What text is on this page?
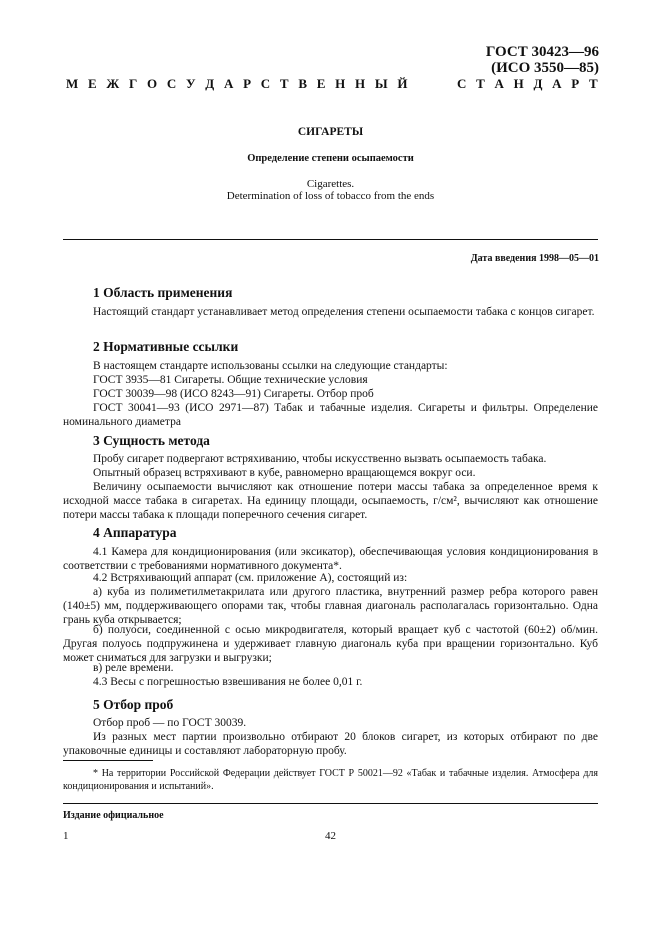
ГОСТ 30423—96
(ИСО 3550—85)
М Е Ж Г О С У Д А Р С Т В Е Н Н Ы Й	С Т А Н Д А Р Т
СИГАРЕТЫ
Определение степени осыпаемости
Cigarettes.
Determination of loss of tobacco from the ends
Дата введения 1998—05—01
1 Область применения

Настоящий стандарт устанавливает метод определения степени осыпаемости табака с концов сигарет.

2 Нормативные ссылки

В настоящем стандарте использованы ссылки на следующие стандарты:

ГОСТ 3935—81 Сигареты. Общие технические условия

ГОСТ 30039—98 (ИСО 8243—91) Сигареты. Отбор проб

ГОСТ 30041—93 (ИСО 2971—87) Табак и табачные изделия. Сигареты и фильтры. Определение номинального диаметра

3 Сущность метода

Пробу сигарет подвергают встряхиванию, чтобы искусственно вызвать осыпаемость табака.

Опытный образец встряхивают в кубе, равномерно вращающемся вокруг оси.

Величину осыпаемости вычисляют как отношение потери массы табака за определенное время к исходной массе табака в сигаретах. На единицу площади, осыпаемость, г/см², вычисляют как отношение потери массы табака к площади поперечного сечения сигарет.

4 Аппаратура

4.1 Камера для кондиционирования (или эксикатор), обеспечивающая условия кондиционирования в соответствии с требованиями нормативного документа*.

4.2 Встряхивающий аппарат (см. приложение А), состоящий из:

а) куба из полиметилметакрилата или другого пластика, внутренний размер ребра которого равен (140±5) мм, поддерживающего опорами так, чтобы главная диагональ располагалась горизонтально. Одна грань куба открывается;

б) полуоси, соединенной с осью микродвигателя, который вращает куб с частотой (60±2) об/мин. Другая полуось подпружинена и удерживает главную диагональ куба при вращении горизонтально. Куб может сниматься для загрузки и выгрузки;

в) реле времени.

4.3 Весы с погрешностью взвешивания не более 0,01 г.

5 Отбор проб

Отбор проб — по ГОСТ 30039.

Из разных мест партии произвольно отбирают 20 блоков сигарет, из которых отбирают по две упаковочные единицы и составляют лабораторную пробу.

* На территории Российской Федерации действует ГОСТ Р 50021—92 «Табак и табачные изделия. Атмосфера для кондиционирования и испытаний».

Издание официальное
1	42
